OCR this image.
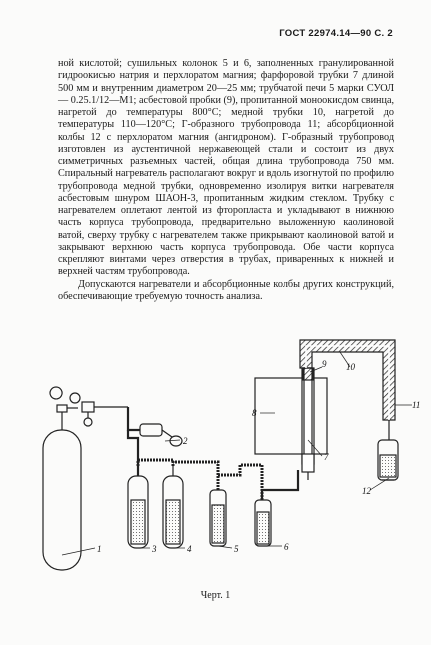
ГОСТ 22974.14—90 С. 2

ной кислотой; сушильных колонок 5 и 6, заполненных гранулированной гидроокисью натрия и перхлоратом магния; фарфоровой трубки 7 длиной 500 мм и внутренним диаметром 20—25 мм; трубчатой печи 5 марки СУОЛ — 0.25.1/12—М1; асбестовой пробки (9), пропитанной моноокисдом свинца, нагретой до температуры 800°С; медной трубки 10, нагретой до температуры 110—120°С; Г-образного трубопровода 11; абсорбционной колбы 12 с перхлоратом магния (ангидроном). Г-образный трубопровод изготовлен из аустентичной нержавеющей стали и состоит из двух симметричных разъемных частей, общая длина трубопровода 750 мм. Спиральный нагреватель располагают вокруг и вдоль изогнутой по профилю трубопровода медной трубки, одновременно изолируя витки нагревателя асбестовым шнуром ШАОН-3, пропитанным жидким стеклом. Трубку с нагревателем оплетают лентой из фторопласта и укладывают в нижнюю часть корпуса трубопровода, предварительно выложенную каолиновой ватой, сверху трубку с нагревателем также прикрывают каолиновой ватой и закрывают верхнюю часть корпуса трубопровода. Обе части корпуса скрепляют винтами через отверстия в трубах, приваренных к нижней и верхней частям трубопровода.

Допускаются нагреватели и абсорбционные колбы других конструкций, обеспечивающие требуемую точность анализа.

1
2
3	4	5	6
7
8
9 10
11
12
Черт. 1
